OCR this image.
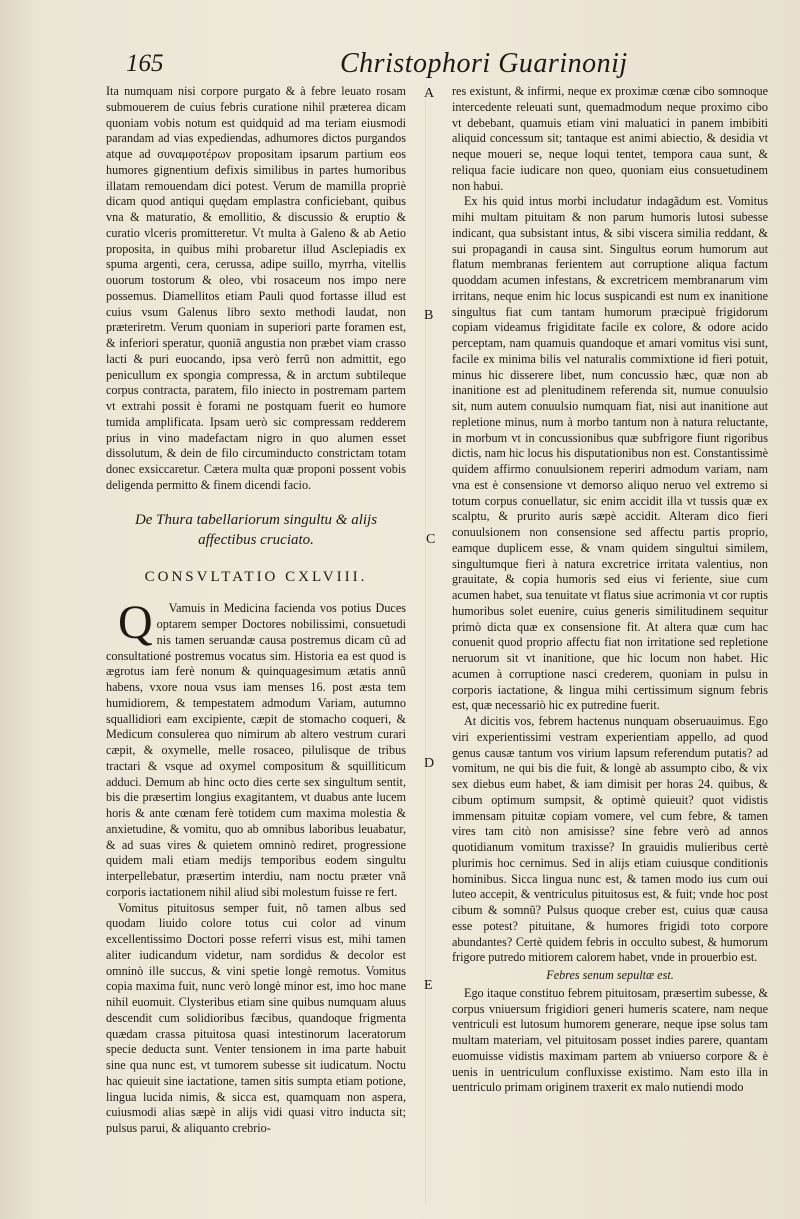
165	Christophori Guarinonij
A
B
C
D
E

Ita numquam nisi corpore purgato & à febre leuato rosam submouerem de cuius febris curatione nihil præterea dicam quoniam vobis notum est quidquid ad ma teriam eiusmodi parandam ad vias expediendas, adhumores dictos purgandos atque ad συναμφοτέρων propositam ipsarum partium eos humores gignentium defixis similibus in partes humoribus illatam remouendam dici potest. Verum de mamilla propriè dicam quod antiqui quędam emplastra conficiebant, quibus vna & maturatio, & emollitio, & discussio & eruptio & curatio vlceris promitteretur. Vt multa à Galeno & ab Aetio proposita, in quibus mihi probaretur illud Asclepiadis ex spuma argenti, cera, cerussa, adipe suillo, myrrha, vitellis ouorum tostorum & oleo, vbi rosaceum nos impo nere possemus. Diamellitos etiam Pauli quod fortasse illud est cuius vsum Galenus libro sexto methodi laudat, non præteriretm. Verum quoniam in superiori parte foramen est, & inferiori speratur, quoniã angustia non præbet viam crasso lacti & puri euocando, ipsa verò ferrũ non admittit, ego penicullum ex spongia compressa, & in arctum subtileque corpus contracta, paratem, filo iniecto in postremam partem vt extrahi possit è forami ne postquam fuerit eo humore tumida amplificata. Ipsam uerò sic compressam redderem prius in vino madefactam nigro in quo alumen esset dissolutum, & dein de filo circuminducto constrictam totam donec exsiccaretur. Cætera multa quæ proponi possent vobis deligenda permitto & finem dicendi facio.

De Thura tabellariorum singultu & alijs
affectibus cruciato.
CONSVLTATIO CXLVIII.

Q Vamuis in Medicina facienda vos potius Duces optarem semper Doctores nobilissimi, consuetudi nis tamen seruandæ causa postremus dicam cũ ad consultationé postremus vocatus sim. Historia ea est quod is ægrotus iam ferè nonum & quinquagesimum ætatis annũ habens, vxore noua vsus iam menses 16. post æsta tem humidiorem, & tempestatem admodum Variam, autumno squallidiori eam excipiente, cæpit de stomacho coqueri, & Medicum consulerea quo nimirum ab altero vestrum curari cæpit, & oxymelle, melle rosaceo, pilulisque de tribus tractari & vsque ad oxymel compositum & squilliticum adduci. Demum ab hinc octo dies certe sex singultum sentit, bis die præsertim longius exagitantem, vt duabus ante lucem horis & ante cœnam ferè totidem cum maxima molestia & anxietudine, & vomitu, quo ab omnibus laboribus leuabatur, & ad suas vires & quietem omninò rediret, progressione quidem mali etiam medijs temporibus eodem singultu interpellebatur, præsertim interdiu, nam noctu præter vnã corporis iactationem nihil aliud sibi molestum fuisse re fert.

Vomitus pituitosus semper fuit, nõ tamen albus sed quodam liuido colore totus cui color ad vinum excellentissimo Doctori posse referri visus est, mihi tamen aliter iudicandum videtur, nam sordidus & decolor est omninò ille succus, & vini spetie longè remotus. Vomitus copia maxima fuit, nunc verò longè minor est, imo hoc mane nihil euomuit. Clysteribus etiam sine quibus numquam aluus descendit cum solidioribus fæcibus, quandoque frigmenta quædam crassa pituitosa quasi intestinorum laceratorum specie deducta sunt. Venter tensionem in ima parte habuit sine qua nunc est, vt tumorem subesse sit iudicatum. Noctu hac quieuit sine iactatione, tamen sitis sumpta etiam potione, lingua lucida nimis, & sicca est, quamquam non aspera, cuiusmodi alias sæpè in alijs vidi quasi vitro inducta sit; pulsus parui, & aliquanto crebrio-

res existunt, & infirmi, neque ex proximæ cœnæ cibo somnoque intercedente releuati sunt, quemadmodum neque proximo cibo vt debebant, quamuis etiam vini maluatici in panem imbibiti aliquid concessum sit; tantaque est animi abiectio, & desidia vt neque moueri se, neque loqui tentet, tempora caua sunt, & reliqua facie iudicare non queo, quoniam eius consuetudinem non habui.

Ex his quid intus morbi includatur indagãdum est. Vomitus mihi multam pituitam & non parum humoris lutosi subesse indicant, qua subsistant intus, & sibi viscera similia reddant, & sui propagandi in causa sint. Singultus eorum humorum aut flatum membranas ferientem aut corruptione aliqua factum quoddam acumen infestans, & excretricem membranarum vim irritans, neque enim hic locus suspicandi est num ex inanitione singultus fiat cum tantam humorum præcipuè frigidorum copiam videamus frigiditate facile ex colore, & odore acido perceptam, nam quamuis quandoque et amari vomitus visi sunt, facile ex minima bilis vel naturalis commixtione id fieri potuit, minus hic disserere libet, num concussio hæc, quæ non ab inanitione est ad plenitudinem referenda sit, numue conuulsio sit, num autem conuulsio numquam fiat, nisi aut inanitione aut repletione minus, num à morbo tantum non à natura reluctante, in morbum vt in concussionibus quæ subfrigore fiunt rigoribus dictis, nam hic locus his disputationibus non est. Constantissimè quidem affirmo conuulsionem reperiri admodum variam, nam vna est è consensione vt demorso aliquo neruo vel extremo si totum corpus conuellatur, sic enim accidit illa vt tussis quæ ex scalptu, & prurito auris sæpè accidit. Alteram dico fieri conuulsionem non consensione sed affectu partis proprio, eamque duplicem esse, & vnam quidem singultui similem, singultumque fieri à natura excretrice irritata valentius, non grauitate, & copia humoris sed eius vi feriente, siue cum acumen habet, sua tenuitate vt flatus siue acrimonia vt cor ruptis humoribus solet euenire, cuius generis similitudinem sequitur primò dicta quæ ex consensione fit. At altera quæ cum hac conuenit quod proprio affectu fiat non irritatione sed repletione neruorum sit vt inanitione, que hic locum non habet. Hic acumen à corruptione nasci crederem, quoniam in pulsu in corporis iactatione, & lingua mihi certissimum signum febris est, quæ necessariò hic ex putredine fuerit.

At dicitis vos, febrem hactenus nunquam obseruauimus. Ego viri experientissimi vestram experientiam appello, ad quod genus causæ tantum vos virium lapsum referendum putatis? ad vomitum, ne qui bis die fuit, & longè ab assumpto cibo, & vix sex diebus eum habet, & iam dimisit per horas 24. quibus, & cibum optimum sumpsit, & optimè quieuit? quot vidistis immensam pituitæ copiam vomere, vel cum febre, & tamen vires tam citò non amisisse? sine febre verò ad annos quotidianum vomitum traxisse? In grauidis mulieribus certè plurimis hoc cernimus. Sed in alijs etiam cuiusque conditionis hominibus. Sicca lingua nunc est, & tamen modo ius cum oui luteo accepit, & ventriculus pituitosus est, & fuit; vnde hoc post cibum & somnũ? Pulsus quoque creber est, cuius quæ causa esse potest? pituitane, & humores frigidi toto corpore abundantes? Certè quidem febris in occulto subest, & humorum frigore putredo mitiorem calorem habet, vnde in prouerbio est.

Febres senum sepultæ est.

Ego itaque constituo febrem pituitosam, præsertim subesse, & corpus vniuersum frigidiori generi humeris scatere, nam neque ventriculi est lutosum humorem generare, neque ipse solus tam multam materiam, vel pituitosam posset indies parere, quantam euomuisse vidistis maximam partem ab vniuerso corpore & è uenis in uentriculum confluxisse existimo. Nam esto illa in uentriculo primam originem traxerit ex malo nutiendi modo
